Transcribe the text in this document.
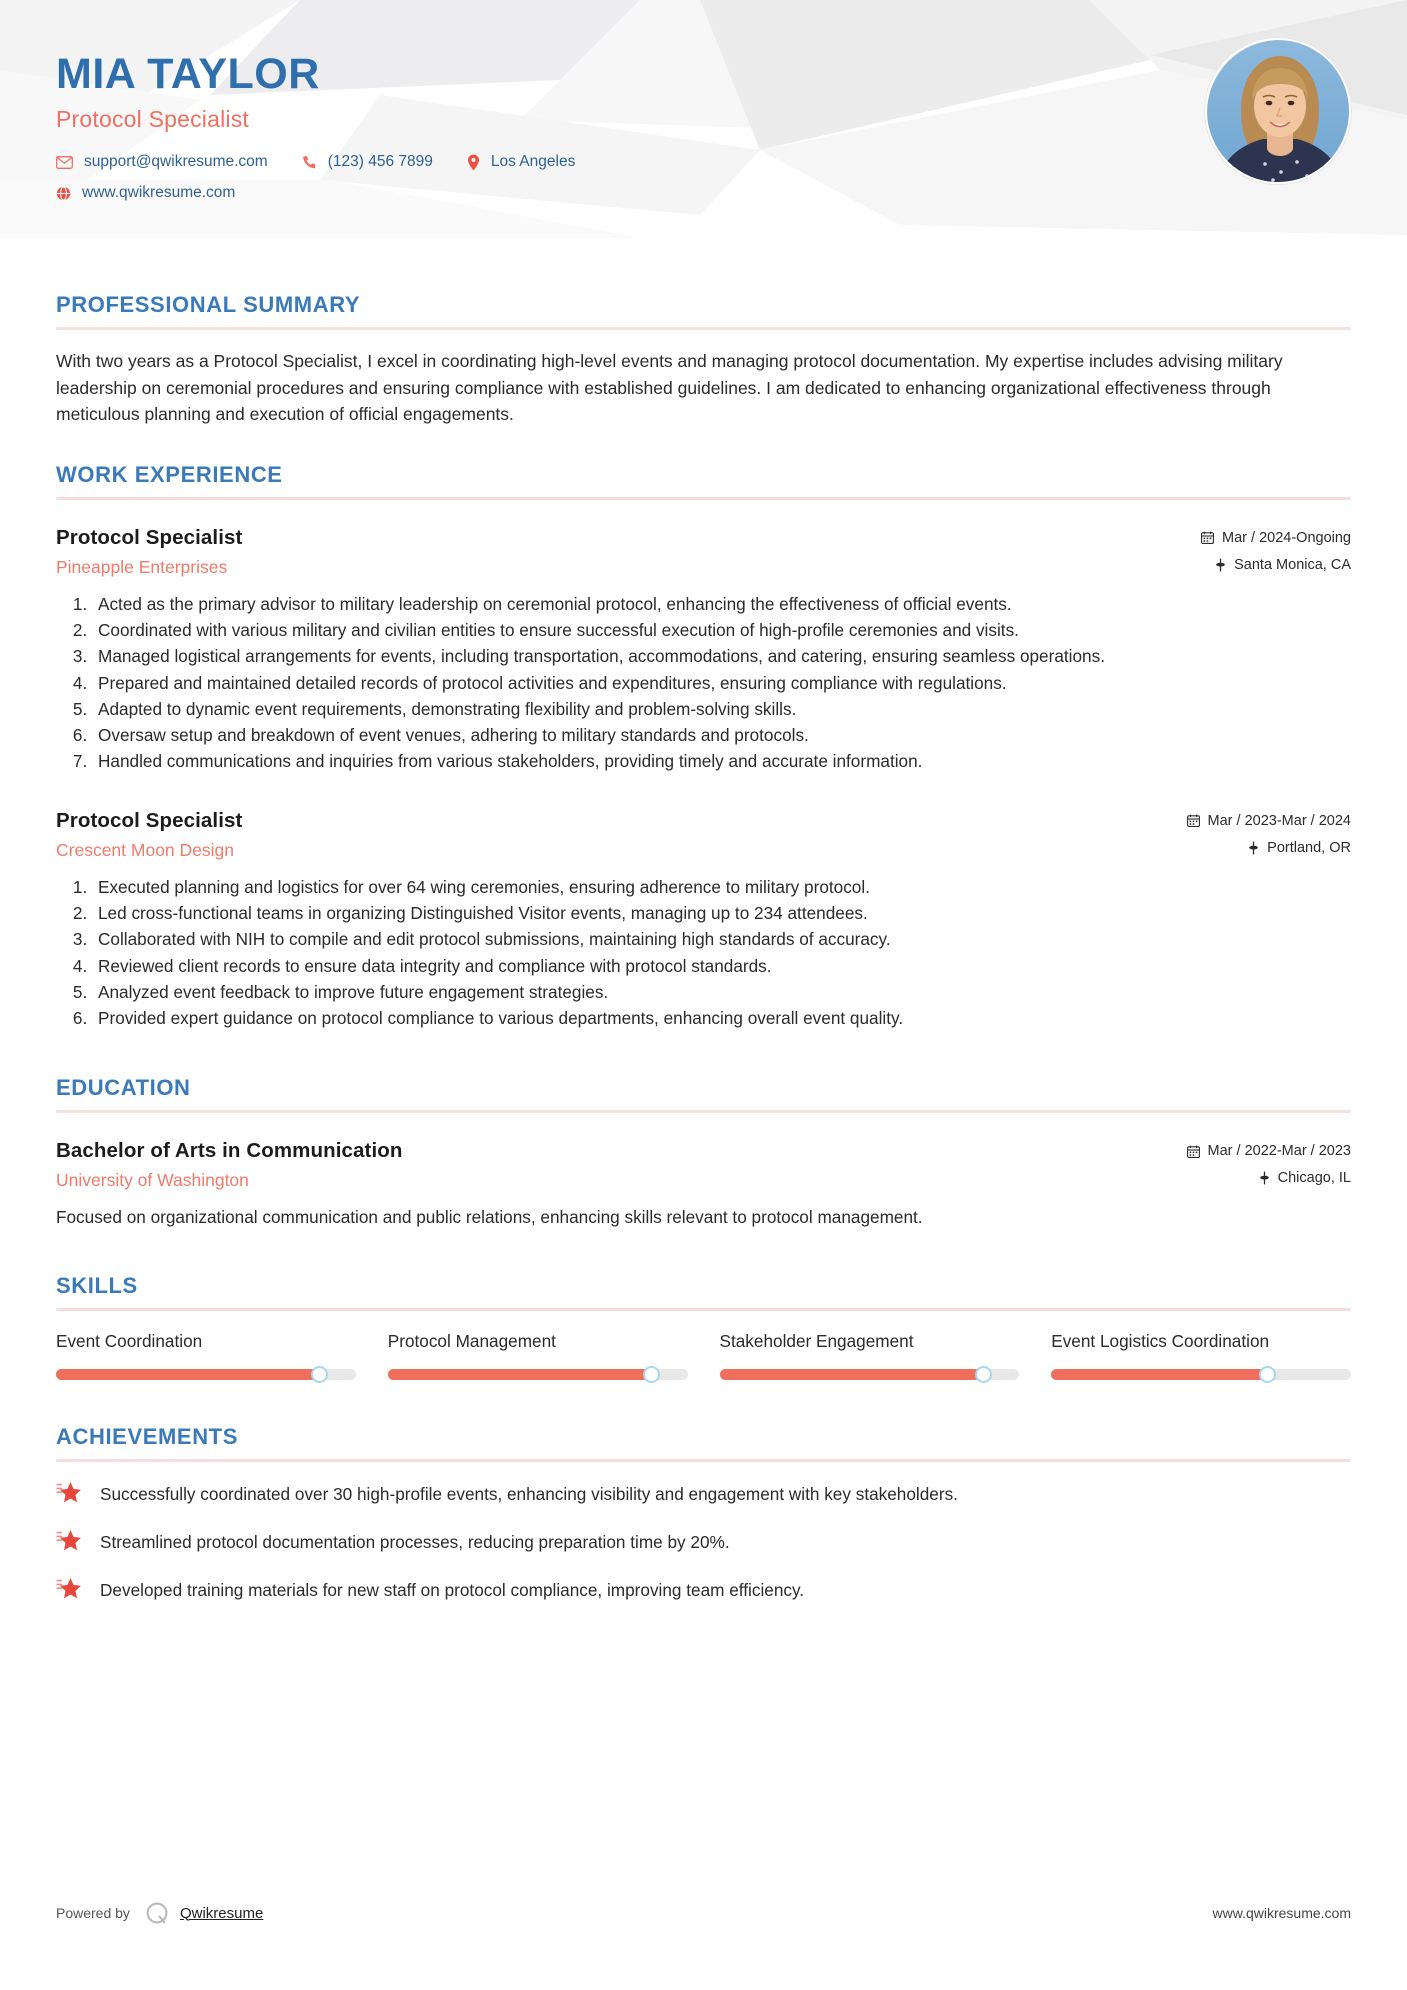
MIA TAYLOR
Protocol Specialist
support@qwikresume.com	(123) 456 7899	Los Angeles
www.qwikresume.com
PROFESSIONAL SUMMARY
With two years as a Protocol Specialist, I excel in coordinating high-level events and managing protocol documentation. My expertise includes advising military leadership on ceremonial procedures and ensuring compliance with established guidelines. I am dedicated to enhancing organizational effectiveness through meticulous planning and execution of official engagements.
WORK EXPERIENCE
Protocol Specialist
Pineapple Enterprises
Mar / 2024-Ongoing
Santa Monica, CA
1. Acted as the primary advisor to military leadership on ceremonial protocol, enhancing the effectiveness of official events.
2. Coordinated with various military and civilian entities to ensure successful execution of high-profile ceremonies and visits.
3. Managed logistical arrangements for events, including transportation, accommodations, and catering, ensuring seamless operations.
4. Prepared and maintained detailed records of protocol activities and expenditures, ensuring compliance with regulations.
5. Adapted to dynamic event requirements, demonstrating flexibility and problem-solving skills.
6. Oversaw setup and breakdown of event venues, adhering to military standards and protocols.
7. Handled communications and inquiries from various stakeholders, providing timely and accurate information.
Protocol Specialist
Crescent Moon Design
Mar / 2023-Mar / 2024
Portland, OR
1. Executed planning and logistics for over 64 wing ceremonies, ensuring adherence to military protocol.
2. Led cross-functional teams in organizing Distinguished Visitor events, managing up to 234 attendees.
3. Collaborated with NIH to compile and edit protocol submissions, maintaining high standards of accuracy.
4. Reviewed client records to ensure data integrity and compliance with protocol standards.
5. Analyzed event feedback to improve future engagement strategies.
6. Provided expert guidance on protocol compliance to various departments, enhancing overall event quality.
EDUCATION
Bachelor of Arts in Communication
University of Washington
Mar / 2022-Mar / 2023
Chicago, IL
Focused on organizational communication and public relations, enhancing skills relevant to protocol management.
SKILLS
Event Coordination	Protocol Management	Stakeholder Engagement	Event Logistics Coordination
ACHIEVEMENTS
Successfully coordinated over 30 high-profile events, enhancing visibility and engagement with key stakeholders.
Streamlined protocol documentation processes, reducing preparation time by 20%.
Developed training materials for new staff on protocol compliance, improving team efficiency.
Powered by	Qwikresume	www.qwikresume.com
